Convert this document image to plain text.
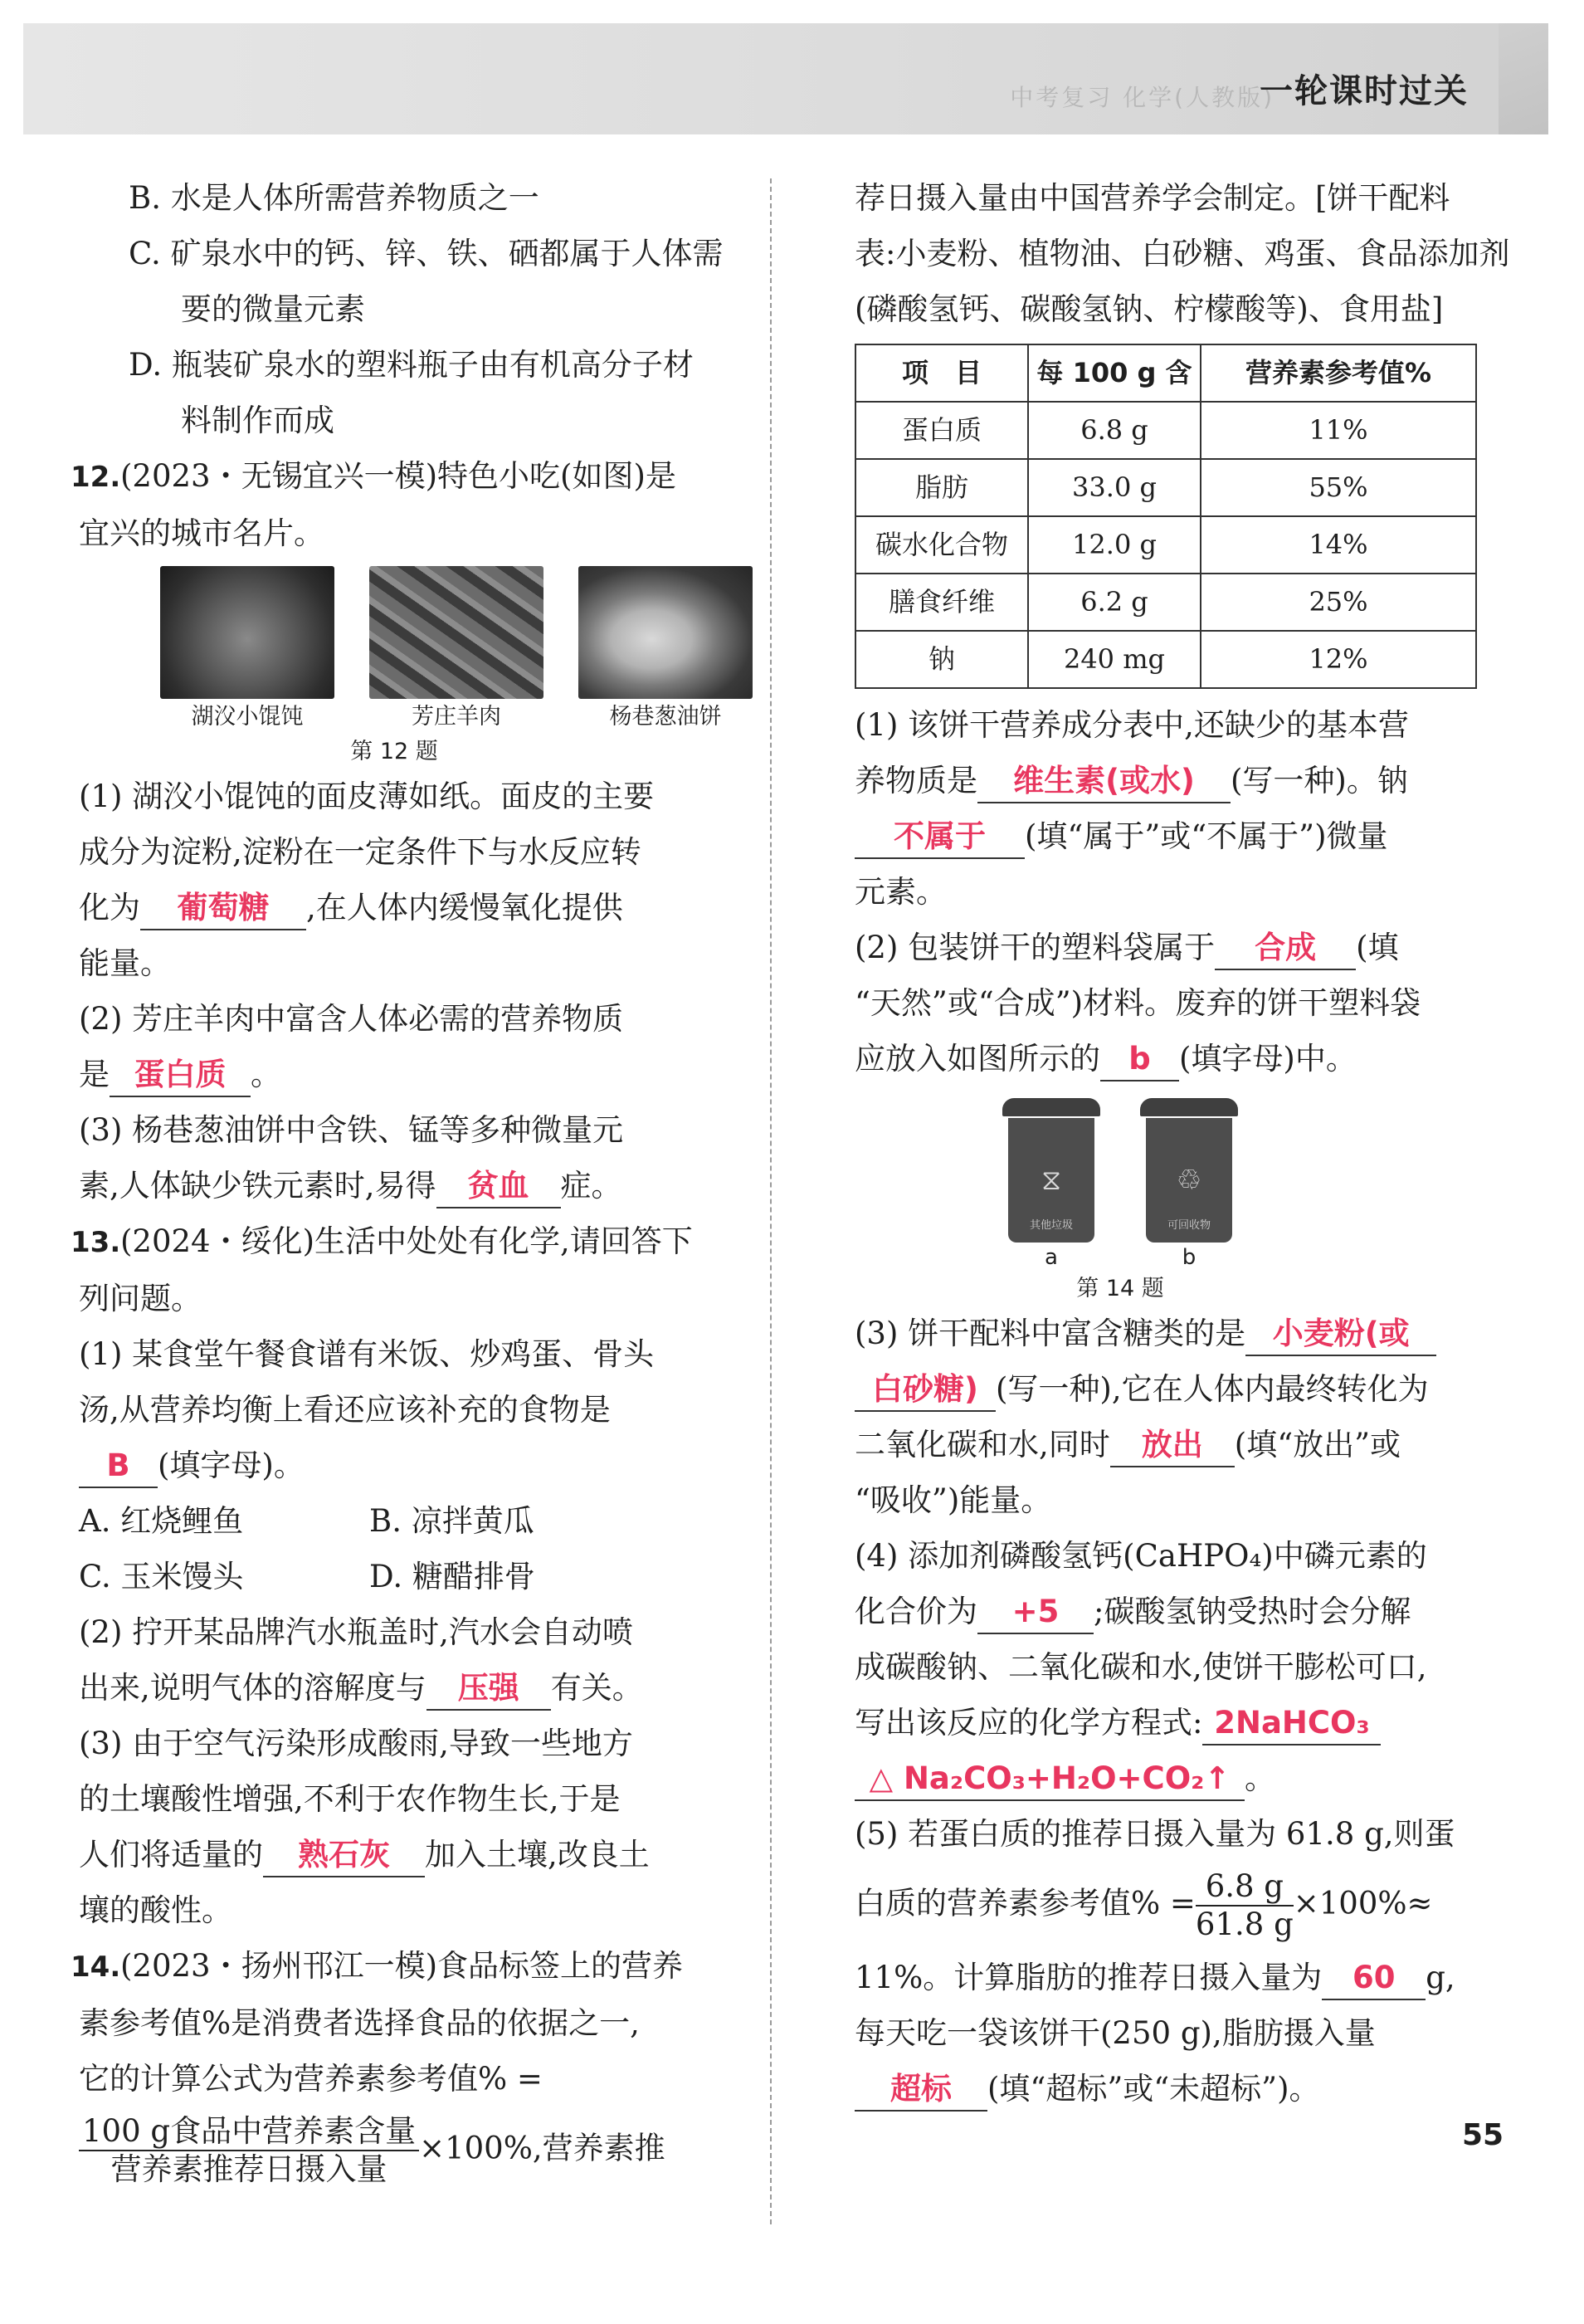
中考复习 化学(人教版)
一轮课时过关
B. 水是人体所需营养物质之一
C. 矿泉水中的钙、锌、铁、硒都属于人体需
要的微量元素
D. 瓶装矿泉水的塑料瓶子由有机高分子材
料制作而成
12.(2023・无锡宜兴一模)特色小吃(如图)是
宜兴的城市名片。
湖㳇小馄饨	芳庄羊肉	杨巷葱油饼
第 12 题
(1) 湖㳇小馄饨的面皮薄如纸。面皮的主要
成分为淀粉,淀粉在一定条件下与水反应转
化为 葡萄糖 ,在人体内缓慢氧化提供
能量。
(2) 芳庄羊肉中富含人体必需的营养物质
是 蛋白质 。
(3) 杨巷葱油饼中含铁、锰等多种微量元
素,人体缺少铁元素时,易得 贫血 症。
13.(2024・绥化)生活中处处有化学,请回答下
列问题。
(1) 某食堂午餐食谱有米饭、炒鸡蛋、骨头
汤,从营养均衡上看还应该补充的食物是
B (填字母)。
A. 红烧鲤鱼	B. 凉拌黄瓜
C. 玉米馒头	D. 糖醋排骨
(2) 拧开某品牌汽水瓶盖时,汽水会自动喷
出来,说明气体的溶解度与 压强 有关。
(3) 由于空气污染形成酸雨,导致一些地方
的土壤酸性增强,不利于农作物生长,于是
人们将适量的 熟石灰 加入土壤,改良土
壤的酸性。
14.(2023・扬州邗江一模)食品标签上的营养
素参考值%是消费者选择食品的依据之一,
它的计算公式为营养素参考值% =
$\frac{\text{100 g食品中营养素含量}}{\text{营养素推荐日摄入量}} \times 100\%$,营养素推
荐日摄入量由中国营养学会制定。[饼干配料
表:小麦粉、植物油、白砂糖、鸡蛋、食品添加剂
(磷酸氢钙、碳酸氢钠、柠檬酸等)、食用盐]
项　目	每 100 g 含	营养素参考值%
蛋白质	6.8 g	11%
脂肪	33.0 g	55%
碳水化合物	12.0 g	14%
膳食纤维	6.2 g	25%
钠	240 mg	12%
(1) 该饼干营养成分表中,还缺少的基本营
养物质是 维生素(或水) (写一种)。钠
不属于 (填“属于”或“不属于”)微量
元素。
(2) 包装饼干的塑料袋属于 合成 (填
“天然”或“合成”)材料。废弃的饼干塑料袋
应放入如图所示的 b (填字母)中。
⧖
其他垃圾
a
♲
可回收物
b
第 14 题
(3) 饼干配料中富含糖类的是 小麦粉(或
白砂糖) (写一种),它在人体内最终转化为
二氧化碳和水,同时 放出 (填“放出”或
“吸收”)能量。
(4) 添加剂磷酸氢钙(CaHPO₄)中磷元素的
化合价为 +5 ;碳酸氢钠受热时会分解
成碳酸钠、二氧化碳和水,使饼干膨松可口,
写出该反应的化学方程式: 2NaHCO₃
△ Na₂CO₃+H₂O+CO₂↑ 。
(5) 若蛋白质的推荐日摄入量为 61.8 g,则蛋
白质的营养素参考值% = $\frac{6.8 g}{61.8 g} \times 100\%\approx$
11%。计算脂肪的推荐日摄入量为 60 g,
每天吃一袋该饼干(250 g),脂肪摄入量
超标 (填“超标”或“未超标”)。
55
